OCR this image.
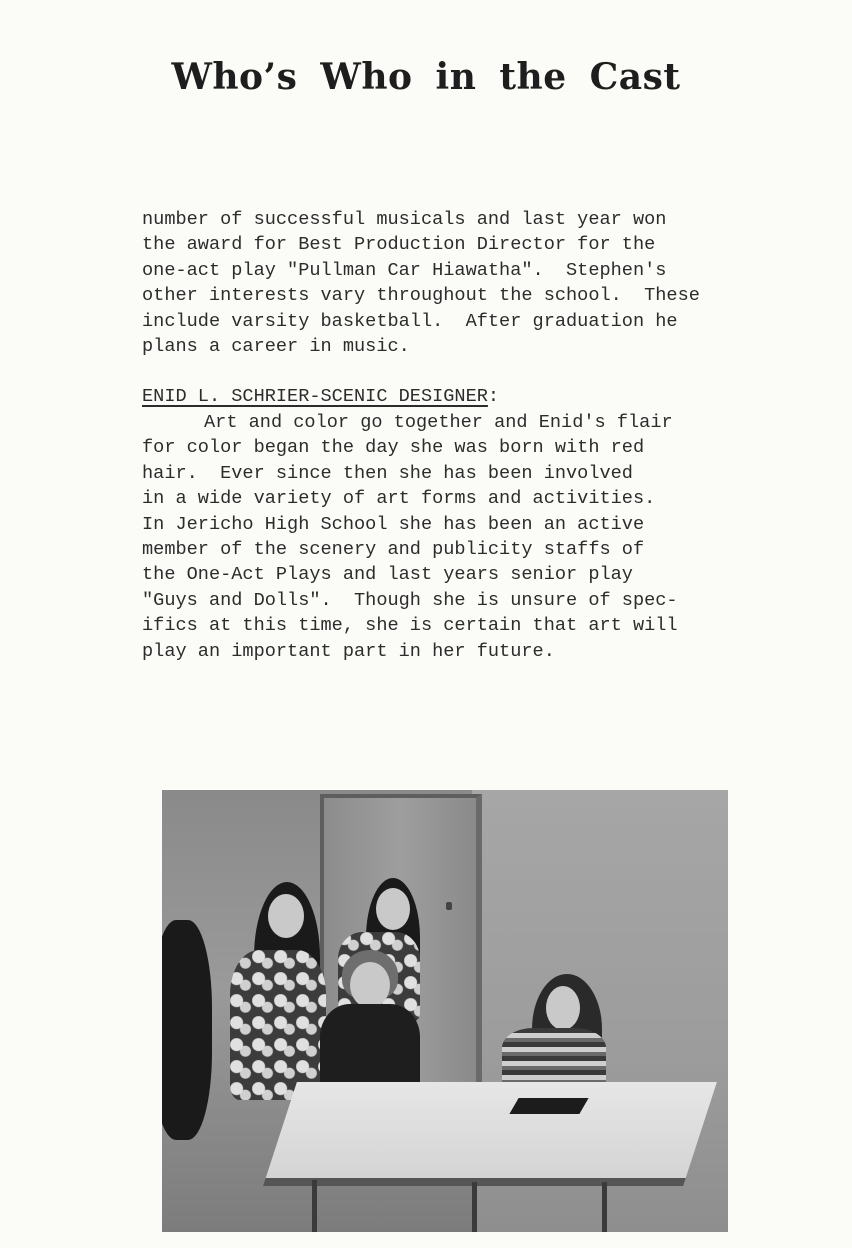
Who’s Who in the Cast
number of successful musicals and last year won
the award for Best Production Director for the
one-act play "Pullman Car Hiawatha".  Stephen's
other interests vary throughout the school.  These
include varsity basketball.  After graduation he
plans a career in music.
ENID L. SCHRIER-SCENIC DESIGNER:
Art and color go together and Enid's flair
for color began the day she was born with red
hair.  Ever since then she has been involved
in a wide variety of art forms and activities.
In Jericho High School she has been an active
member of the scenery and publicity staffs of
the One-Act Plays and last years senior play
"Guys and Dolls".  Though she is unsure of spec-
ifics at this time, she is certain that art will
play an important part in her future.
